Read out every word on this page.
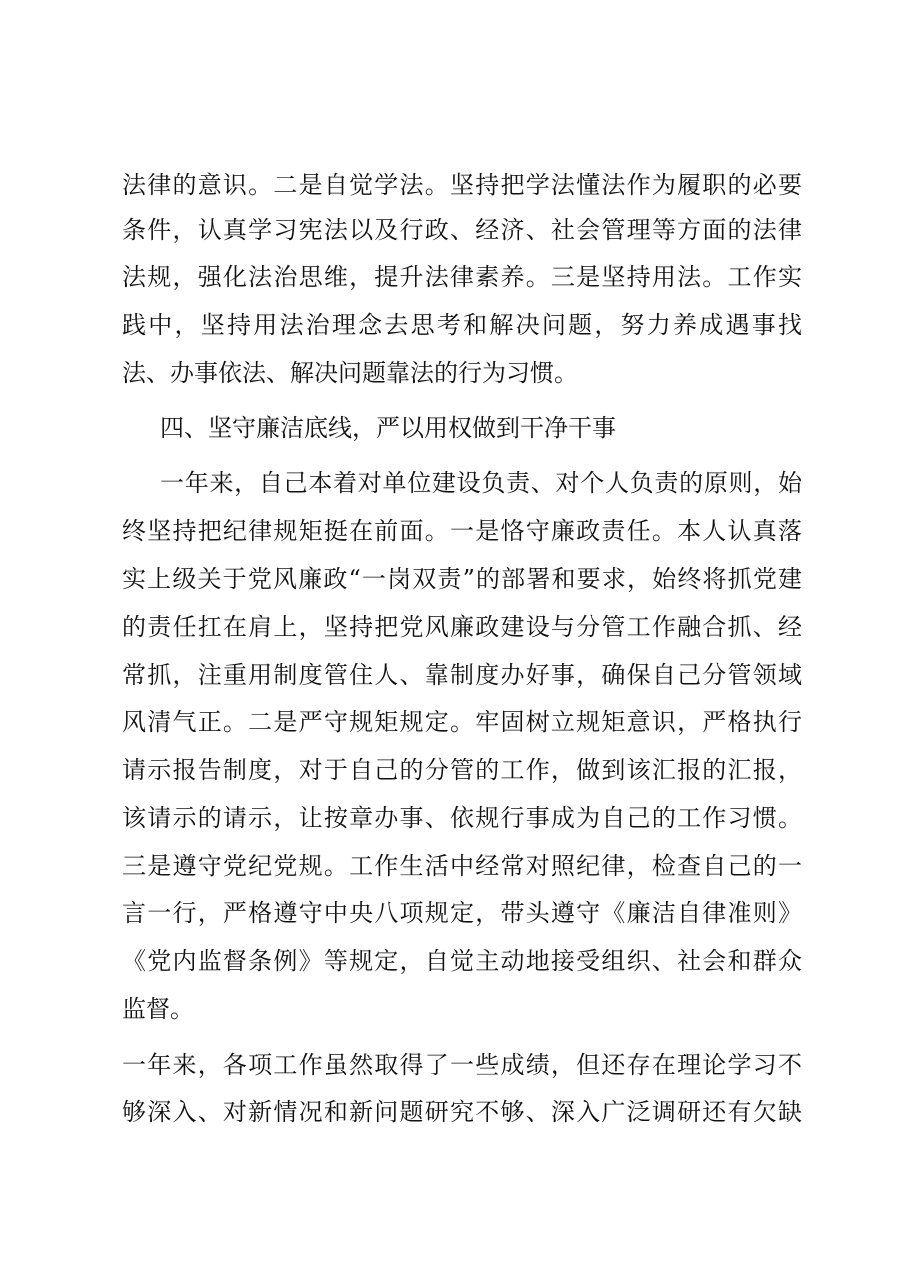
法律的意识。二是自觉学法。坚持把学法懂法作为履职的必要

条件，认真学习宪法以及行政、经济、社会管理等方面的法律

法规，强化法治思维，提升法律素养。三是坚持用法。工作实

践中，坚持用法治理念去思考和解决问题，努力养成遇事找

法、办事依法、解决问题靠法的行为习惯。

四、坚守廉洁底线，严以用权做到干净干事

一年来，自己本着对单位建设负责、对个人负责的原则，始

终坚持把纪律规矩挺在前面。一是恪守廉政责任。本人认真落

实上级关于党风廉政“一岗双责”的部署和要求，始终将抓党建

的责任扛在肩上，坚持把党风廉政建设与分管工作融合抓、经

常抓，注重用制度管住人、靠制度办好事，确保自己分管领域

风清气正。二是严守规矩规定。牢固树立规矩意识，严格执行

请示报告制度，对于自己的分管的工作，做到该汇报的汇报，

该请示的请示，让按章办事、依规行事成为自己的工作习惯。

三是遵守党纪党规。工作生活中经常对照纪律，检查自己的一

言一行，严格遵守中央八项规定，带头遵守《廉洁自律准则》

《党内监督条例》等规定，自觉主动地接受组织、社会和群众

监督。

一年来，各项工作虽然取得了一些成绩，但还存在理论学习不

够深入、对新情况和新问题研究不够、深入广泛调研还有欠缺
